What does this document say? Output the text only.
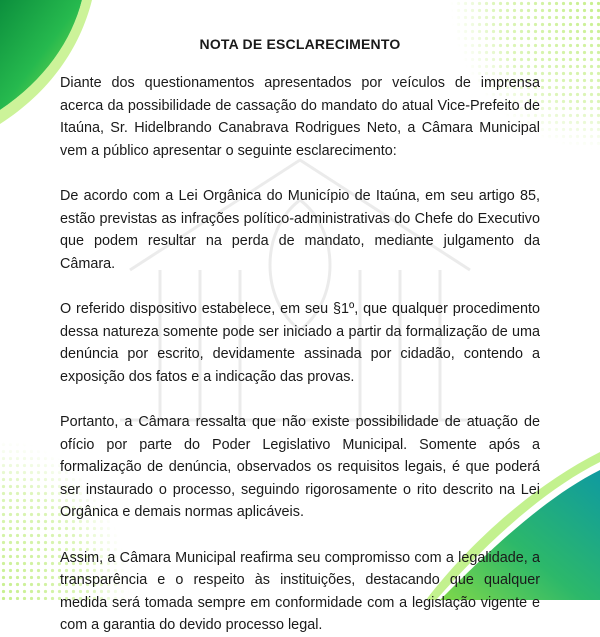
NOTA DE ESCLARECIMENTO

Diante dos questionamentos apresentados por veículos de imprensa acerca da possibilidade de cassação do mandato do atual Vice-Prefeito de Itaúna, Sr. Hidelbrando Canabrava Rodrigues Neto, a Câmara Municipal vem a público apresentar o seguinte esclarecimento:

De acordo com a Lei Orgânica do Município de Itaúna, em seu artigo 85, estão previstas as infrações político-administrativas do Chefe do Executivo que podem resultar na perda de mandato, mediante julgamento da Câmara.

O referido dispositivo estabelece, em seu §1º, que qualquer procedimento dessa natureza somente pode ser iniciado a partir da formalização de uma denúncia por escrito, devidamente assinada por cidadão, contendo a exposição dos fatos e a indicação das provas.

Portanto, a Câmara ressalta que não existe possibilidade de atuação de ofício por parte do Poder Legislativo Municipal. Somente após a formalização de denúncia, observados os requisitos legais, é que poderá ser instaurado o processo, seguindo rigorosamente o rito descrito na Lei Orgânica e demais normas aplicáveis.

Assim, a Câmara Municipal reafirma seu compromisso com a legalidade, a transparência e o respeito às instituições, destacando que qualquer medida será tomada sempre em conformidade com a legislação vigente e com a garantia do devido processo legal.
